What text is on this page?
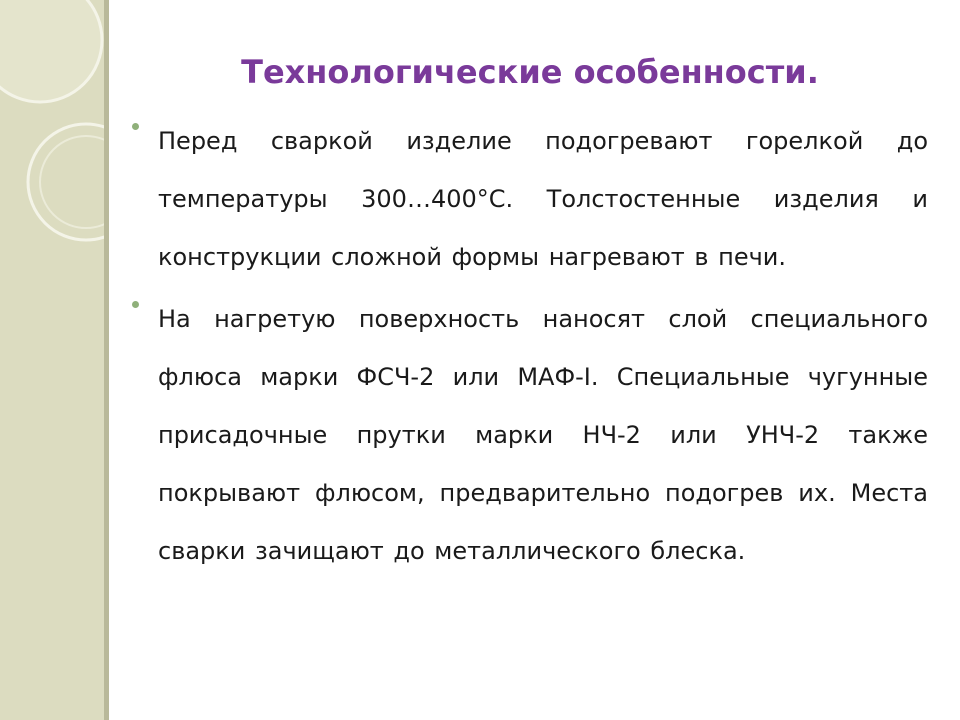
Технологические особенности.

Перед сваркой изделие подогревают горелкой до температуры 300…400°С. Толстостенные изделия и конструкции сложной формы нагревают в печи.

На нагретую поверхность наносят слой специального флюса марки ФСЧ-2 или МАФ-I. Специальные чугунные присадочные прутки марки НЧ-2 или УНЧ-2 также покрывают флюсом, предварительно подогрев их. Места сварки зачищают до металлического блеска.
